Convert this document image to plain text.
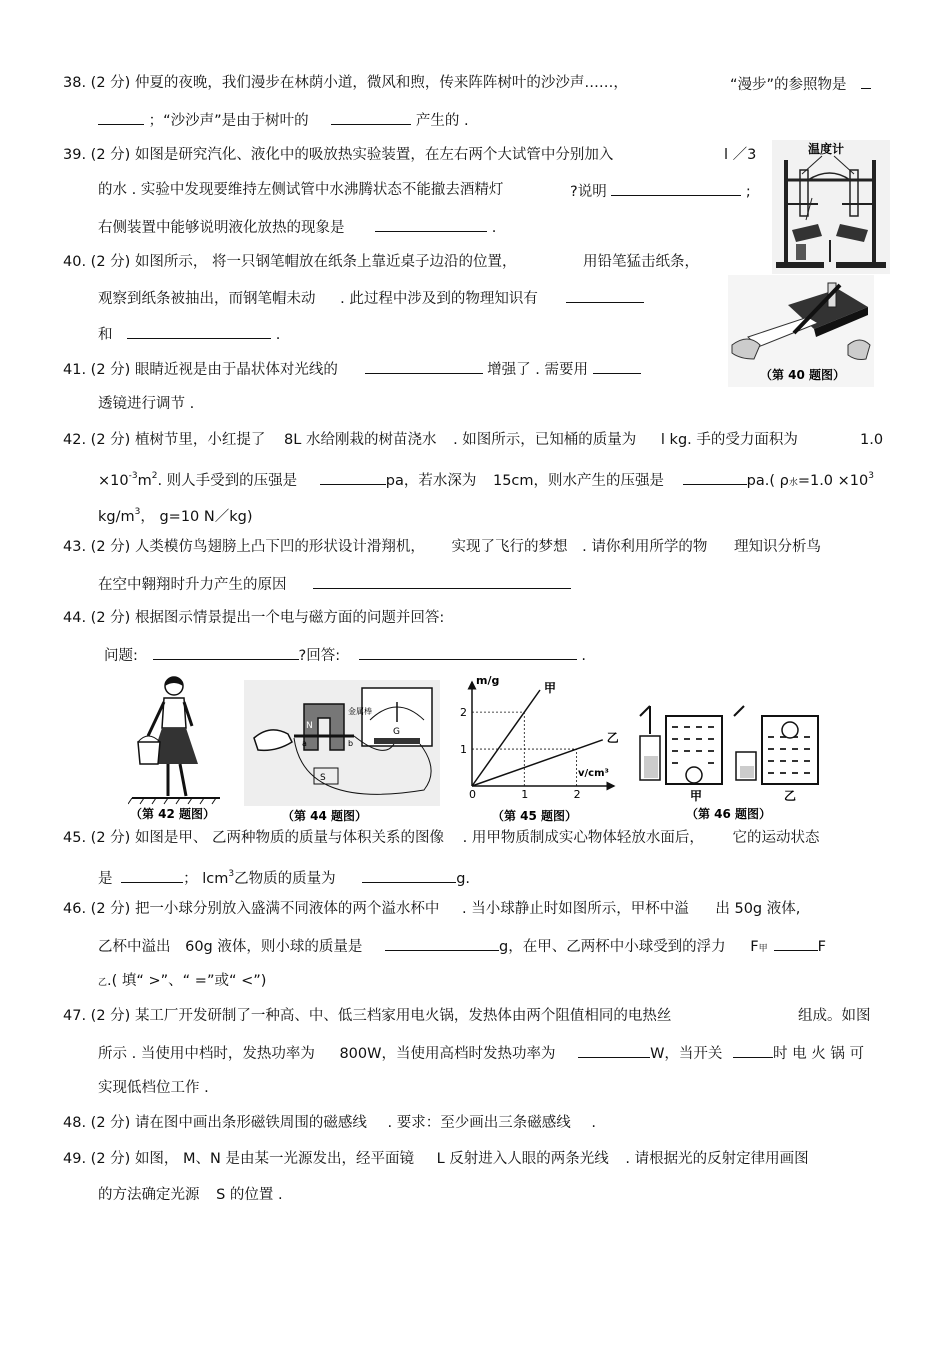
38. (2 分) 仲夏的夜晚，我们漫步在林荫小道，微风和煦，传来阵阵树叶的沙沙声……，	“漫步”的参照物是
；“沙沙声”是由于树叶的	产生的 .
39. (2 分) 如图是研究汽化、液化中的吸放热实验装置，在左右两个大试管中分别加入	l ／3
的水 . 实验中发现要维持左侧试管中水沸腾状态不能撤去酒精灯	?说明	;
右侧装置中能够说明液化放热的现象是	.
40. (2 分) 如图所示， 将一只钢笔帽放在纸条上靠近桌子边沿的位置，	用铅笔猛击纸条，
观察到纸条被抽出，而钢笔帽未动 . 此过程中涉及到的物理知识有
和	.
41. (2 分) 眼睛近视是由于晶状体对光线的	增强了 . 需要用
透镜进行调节 .
42. (2 分) 植树节里，小红提了 8L 水给刚栽的树苗浇水 . 如图所示，已知桶的质量为 l kg. 手的受力面积为	1.0
$\times 10^{-3}m^2$. 则人手受到的压强是	pa，若水深为 15cm，则水产生的压强是	pa.( ρ水$=1.0 \times 10^3$
$kg/m^3$， g=10 N／kg)
43. (2 分) 人类模仿鸟翅膀上凸下凹的形状设计滑翔机， 实现了飞行的梦想 . 请你利用所学的物 理知识分析鸟
在空中翱翔时升力产生的原因
44. (2 分) 根据图示情景提出一个电与磁方面的问题并回答:
问题:	?回答:	.
温度计
（第 40 题图）
（第 42 题图）
G
N
S
金属棒
a	b
（第 44 题图）
m/g
v/cm³
0	1	2
1
2
甲
乙
（第 45 题图）
甲	乙
（第 46 题图）
45. (2 分) 如图是甲、 乙两种物质的质量与体积关系的图像 . 用甲物质制成实心物体轻放水面后， 它的运动状态
是	； lcm$^3$乙物质的质量为	g.
46. (2 分) 把一小球分别放入盛满不同液体的两个溢水杯中 . 当小球静止时如图所示，甲杯中溢 出 50g 液体,
乙杯中溢出 60g 液体，则小球的质量是	g，在甲、乙两杯中小球受到的浮力 F甲	F
乙.( 填“ >”、“ =”或“ <”)
47. (2 分) 某工厂开发研制了一种高、中、低三档家用电火锅，发热体由两个阻值相同的电热丝	组成。如图
所示 . 当使用中档时，发热功率为 800W，当使用高档时发热功率为	W，当开关	时 电 火 锅 可
实现低档位工作 .
48. (2 分) 请在图中画出条形磁铁周围的磁感线 . 要求：至少画出三条磁感线 .
49. (2 分) 如图， M、N 是由某一光源发出，经平面镜 L 反射进入人眼的两条光线 . 请根据光的反射定律用画图
的方法确定光源 S 的位置 .
